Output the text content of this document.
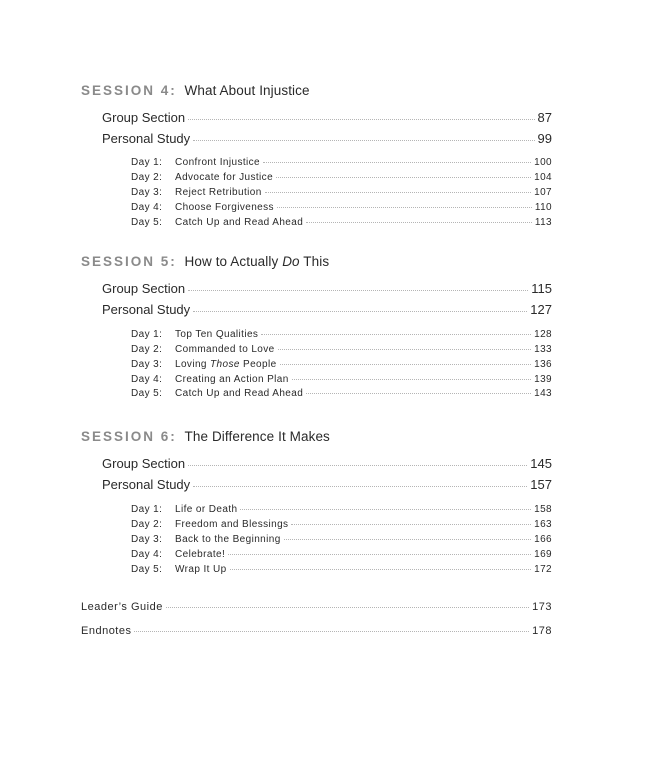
SESSION 4: What About Injustice
Group Section	87
Personal Study	99
Day 1:	Confront Injustice	100
Day 2:	Advocate for Justice	104
Day 3:	Reject Retribution	107
Day 4:	Choose Forgiveness	110
Day 5:	Catch Up and Read Ahead	113
SESSION 5: How to Actually Do This
Group Section	115
Personal Study	127
Day 1:	Top Ten Qualities	128
Day 2:	Commanded to Love	133
Day 3:	Loving Those People	136
Day 4:	Creating an Action Plan	139
Day 5:	Catch Up and Read Ahead	143
SESSION 6: The Difference It Makes
Group Section	145
Personal Study	157
Day 1:	Life or Death	158
Day 2:	Freedom and Blessings	163
Day 3:	Back to the Beginning	166
Day 4:	Celebrate!	169
Day 5:	Wrap It Up	172
Leader’s Guide	173
Endnotes	178
